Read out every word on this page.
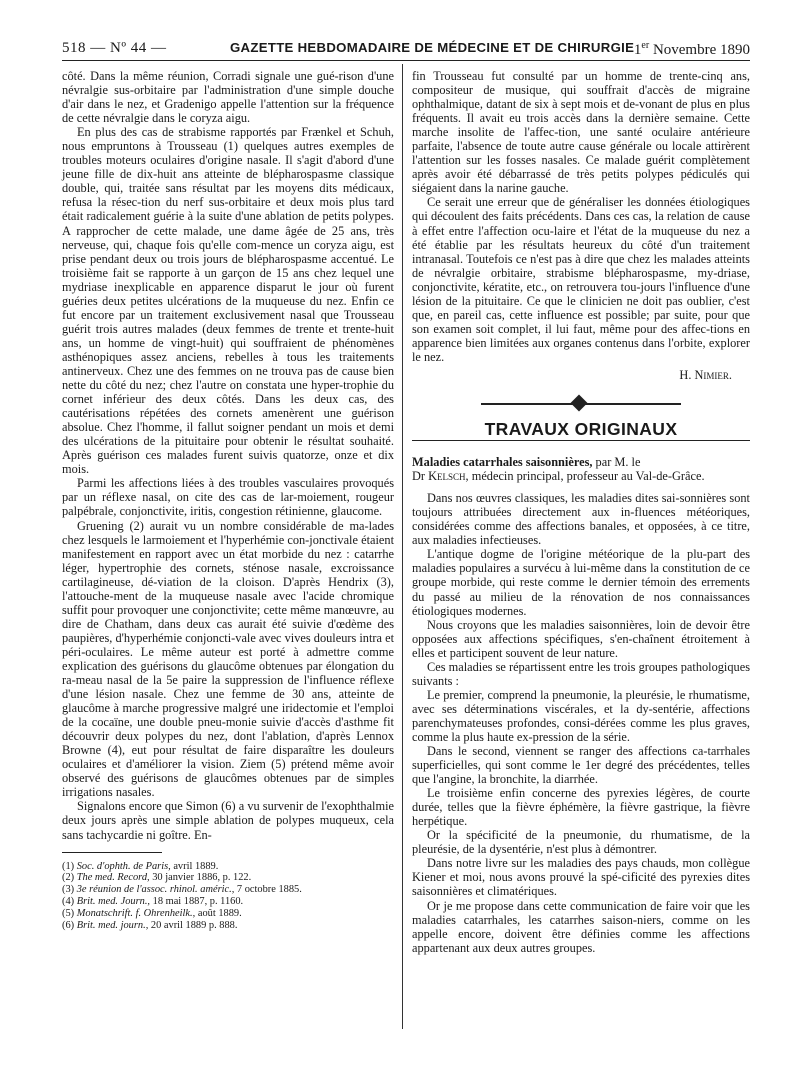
518 — Nº 44 —	GAZETTE HEBDOMADAIRE DE MÉDECINE ET DE CHIRURGIE 1er Novembre 1890

côté. Dans la même réunion, Corradi signale une gué-rison d'une névralgie sus-orbitaire par l'administration d'une simple douche d'air dans le nez, et Gradenigo appelle l'attention sur la fréquence de cette névralgie dans le coryza aigu.

En plus des cas de strabisme rapportés par Frænkel et Schuh, nous empruntons à Trousseau (1) quelques autres exemples de troubles moteurs oculaires d'origine nasale. Il s'agit d'abord d'une jeune fille de dix-huit ans atteinte de blépharospasme classique double, qui, traitée sans résultat par les moyens dits médicaux, refusa la résec-tion du nerf sus-orbitaire et deux mois plus tard était radicalement guérie à la suite d'une ablation de petits polypes. A rapprocher de cette malade, une dame âgée de 25 ans, très nerveuse, qui, chaque fois qu'elle com-mence un coryza aigu, est prise pendant deux ou trois jours de blépharospasme accentué. Le troisième fait se rapporte à un garçon de 15 ans chez lequel une mydriase inexplicable en apparence disparut le jour où furent guéries deux petites ulcérations de la muqueuse du nez. Enfin ce fut encore par un traitement exclusivement nasal que Trousseau guérit trois autres malades (deux femmes de trente et trente-huit ans, un homme de vingt-huit) qui souffraient de phénomènes asthénopiques assez anciens, rebelles à tous les traitements antinerveux. Chez une des femmes on ne trouva pas de cause bien nette du côté du nez; chez l'autre on constata une hyper-trophie du cornet inférieur des deux côtés. Dans les deux cas, des cautérisations répétées des cornets amenèrent une guérison absolue. Chez l'homme, il fallut soigner pendant un mois et demi des ulcérations de la pituitaire pour obtenir le résultat souhaité. Après guérison ces malades furent suivis quatorze, onze et dix mois.

Parmi les affections liées à des troubles vasculaires provoqués par un réflexe nasal, on cite des cas de lar-moiement, rougeur palpébrale, conjonctivite, iritis, congestion rétinienne, glaucome.

Gruening (2) aurait vu un nombre considérable de ma-lades chez lesquels le larmoiement et l'hyperhémie con-jonctivale étaient manifestement en rapport avec un état morbide du nez : catarrhe léger, hypertrophie des cornets, sténose nasale, excroissance cartilagineuse, dé-viation de la cloison. D'après Hendrix (3), l'attouche-ment de la muqueuse nasale avec l'acide chromique suffit pour provoquer une conjonctivite; cette même manœuvre, au dire de Chatham, dans deux cas aurait été suivie d'œdème des paupières, d'hyperhémie conjoncti-vale avec vives douleurs intra et péri-oculaires. Le même auteur est porté à admettre comme explication des guérisons du glaucôme obtenues par élongation du ra-meau nasal de la 5e paire la suppression de l'influence réflexe d'une lésion nasale. Chez une femme de 30 ans, atteinte de glaucôme à marche progressive malgré une iridectomie et l'emploi de la cocaïne, une double pneu-monie suivie d'accès d'asthme fit découvrir deux polypes du nez, dont l'ablation, d'après Lennox Browne (4), eut pour résultat de faire disparaître les douleurs oculaires et d'améliorer la vision. Ziem (5) prétend même avoir observé des guérisons de glaucômes obtenues par de simples irrigations nasales.

Signalons encore que Simon (6) a vu survenir de l'exophthalmie deux jours après une simple ablation de polypes muqueux, cela sans tachycardie ni goître. En-

(1) Soc. d'ophth. de Paris, avril 1889.

(2) The med. Record, 30 janvier 1886, p. 122.

(3) 3e réunion de l'assoc. rhinol. améric., 7 octobre 1885.

(4) Brit. med. Journ., 18 mai 1887, p. 1160.

(5) Monatschrift. f. Ohrenheilk., août 1889.

(6) Brit. med. journ., 20 avril 1889 p. 888.

fin Trousseau fut consulté par un homme de trente-cinq ans, compositeur de musique, qui souffrait d'accès de migraine ophthalmique, datant de six à sept mois et de-vonant de plus en plus fréquents. Il avait eu trois accès dans la dernière semaine. Cette marche insolite de l'affec-tion, une santé oculaire antérieure parfaite, l'absence de toute autre cause générale ou locale attirèrent l'attention sur les fosses nasales. Ce malade guérit complètement après avoir été débarrassé de très petits polypes pédiculés qui siégaient dans la narine gauche.

Ce serait une erreur que de généraliser les données étiologiques qui découlent des faits précédents. Dans ces cas, la relation de cause à effet entre l'affection ocu-laire et l'état de la muqueuse du nez a été établie par les résultats heureux du côté d'un traitement intranasal. Toutefois ce n'est pas à dire que chez les malades atteints de névralgie orbitaire, strabisme blépharospasme, my-driase, conjonctivite, kératite, etc., on retrouvera tou-jours l'influence d'une lésion de la pituitaire. Ce que le clinicien ne doit pas oublier, c'est que, en pareil cas, cette influence est possible; par suite, pour que son examen soit complet, il lui faut, même pour des affec-tions en apparence bien limitées aux organes contenus dans l'orbite, explorer le nez.

H. Nimier.

TRAVAUX ORIGINAUX

Maladies catarrhales saisonnières, par M. le
Dr Kelsch, médecin principal, professeur au Val-de-Grâce.

Dans nos œuvres classiques, les maladies dites sai-sonnières sont toujours attribuées directement aux in-fluences météoriques, considérées comme des affections banales, et opposées, à ce titre, aux maladies infectieuses.

L'antique dogme de l'origine météorique de la plu-part des maladies populaires a survécu à lui-même dans la constitution de ce groupe morbide, qui reste comme le dernier témoin des errements du passé au milieu de la rénovation de nos connaissances étiologiques modernes.

Nous croyons que les maladies saisonnières, loin de devoir être opposées aux affections spécifiques, s'en-chaînent étroitement à elles et participent souvent de leur nature.

Ces maladies se répartissent entre les trois groupes pathologiques suivants :

Le premier, comprend la pneumonie, la pleurésie, le rhumatisme, avec ses déterminations viscérales, et la dy-sentérie, affections parenchymateuses profondes, consi-dérées comme les plus graves, comme la plus haute ex-pression de la série.

Dans le second, viennent se ranger des affections ca-tarrhales superficielles, qui sont comme le 1er degré des précédentes, telles que l'angine, la bronchite, la diarrhée.

Le troisième enfin concerne des pyrexies légères, de courte durée, telles que la fièvre éphémère, la fièvre gastrique, la fièvre herpétique.

Or la spécificité de la pneumonie, du rhumatisme, de la pleurésie, de la dysentérie, n'est plus à démontrer.

Dans notre livre sur les maladies des pays chauds, mon collègue Kiener et moi, nous avons prouvé la spé-cificité des pyrexies dites saisonnières et climatériques.

Or je me propose dans cette communication de faire voir que les maladies catarrhales, les catarrhes saison-niers, comme on les appelle encore, doivent être définies comme les affections appartenant aux deux autres groupes.
